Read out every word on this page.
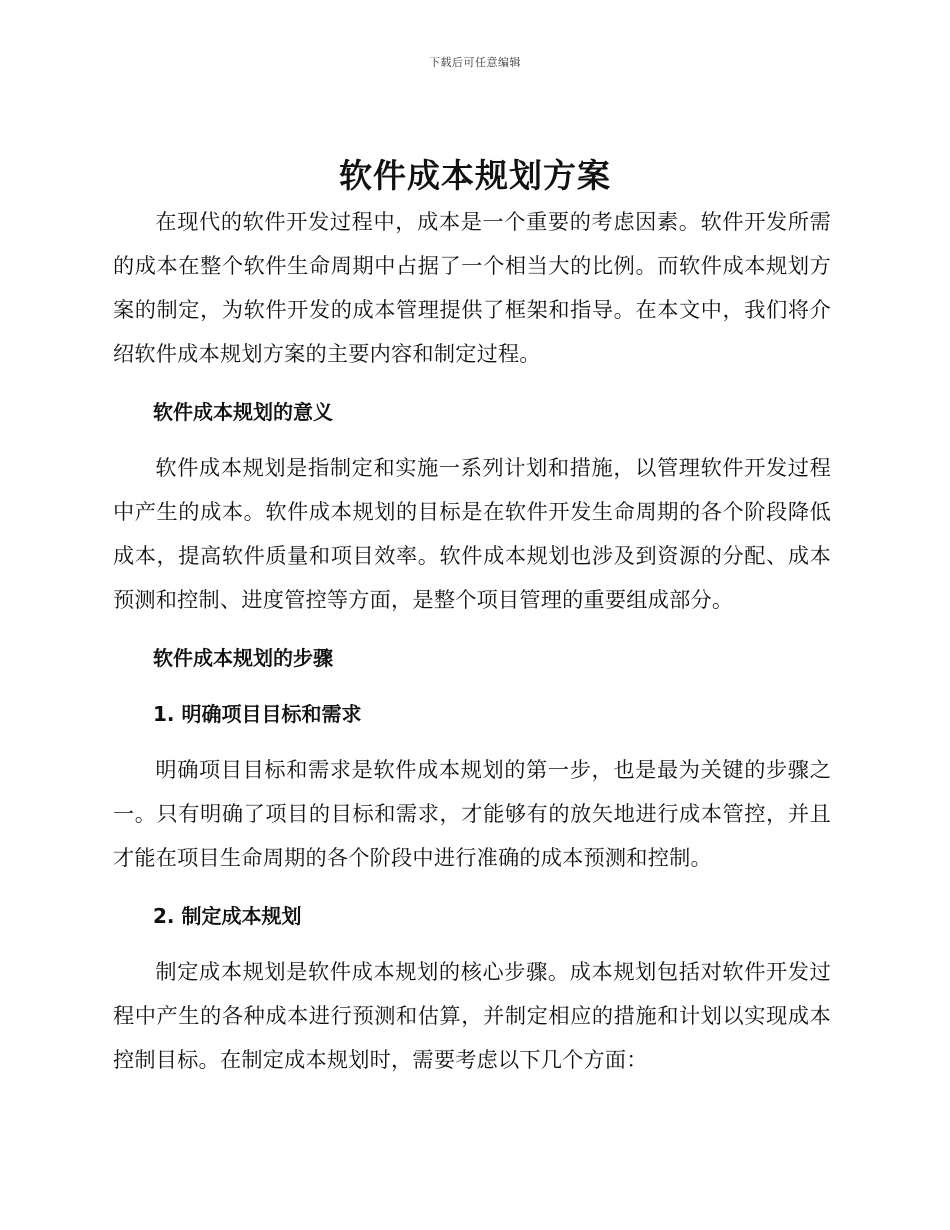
下载后可任意编辑
软件成本规划方案

在现代的软件开发过程中，成本是一个重要的考虑因素。软件开发所需的成本在整个软件生命周期中占据了一个相当大的比例。而软件成本规划方案的制定，为软件开发的成本管理提供了框架和指导。在本文中，我们将介绍软件成本规划方案的主要内容和制定过程。

软件成本规划的意义

软件成本规划是指制定和实施一系列计划和措施，以管理软件开发过程中产生的成本。软件成本规划的目标是在软件开发生命周期的各个阶段降低成本，提高软件质量和项目效率。软件成本规划也涉及到资源的分配、成本预测和控制、进度管控等方面，是整个项目管理的重要组成部分。

软件成本规划的步骤
1. 明确项目目标和需求

明确项目目标和需求是软件成本规划的第一步，也是最为关键的步骤之一。只有明确了项目的目标和需求，才能够有的放矢地进行成本管控，并且才能在项目生命周期的各个阶段中进行准确的成本预测和控制。

2. 制定成本规划

制定成本规划是软件成本规划的核心步骤。成本规划包括对软件开发过程中产生的各种成本进行预测和估算，并制定相应的措施和计划以实现成本控制目标。在制定成本规划时，需要考虑以下几个方面：
